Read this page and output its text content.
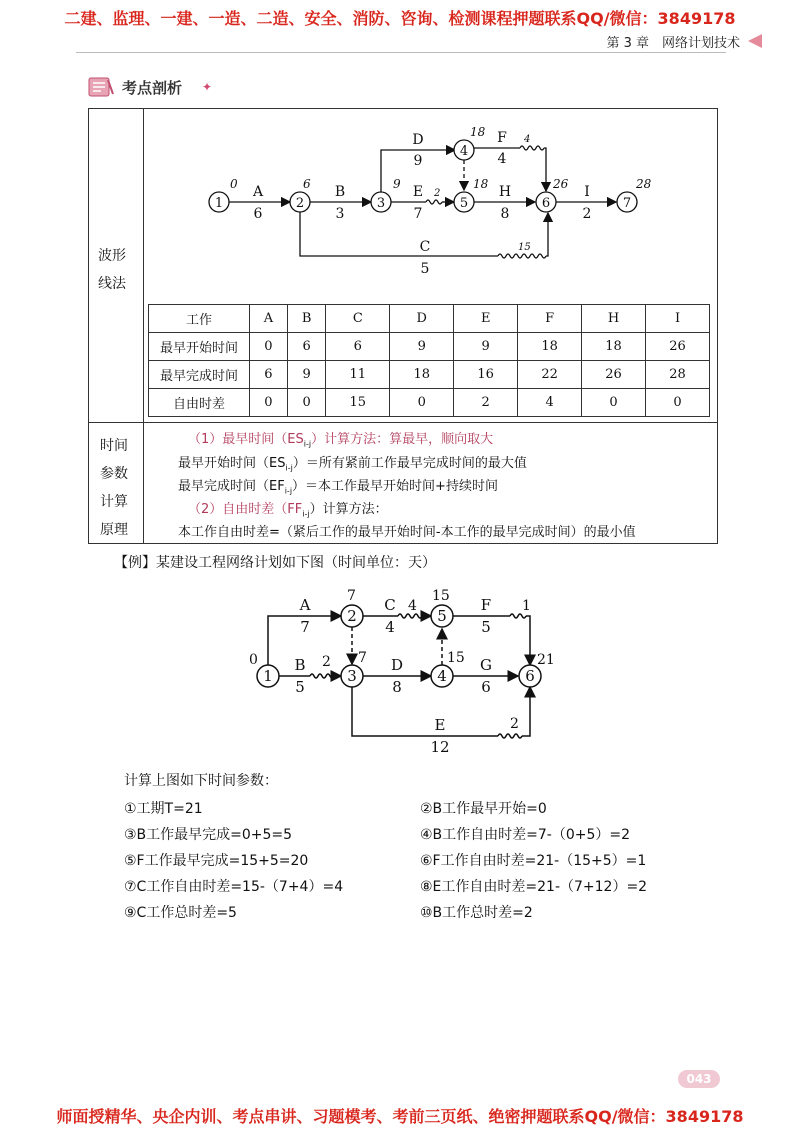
二建、监理、一建、一造、二造、安全、消防、咨询、检测课程押题联系QQ/微信：3849178
第 3 章　网络计划技术
考点剖析 ✦
波形线法
时间参数计算原理
1	2	3
4
5	6	7
A
6
B
3
C
5
D
9
E
7
F
4
H
8
I
2
0	6	9
18
18	26	28
2
4
15
工作	A	B	C	D	E	F	H	I
最早开始时间	0	6	6	9	9	18	18	26
最早完成时间	6	9	11	18	16	22	26	28
自由时差	0	0	15	0	2	4	0	0
（1）最早时间$(ES_{i-j})$计算方法：算最早，顺向取大
最早开始时间$(ES_{i-j})=$所有紧前工作最早完成时间的最大值
最早完成时间$(EF_{i-j})=$本工作最早开始时间+持续时间
（2）自由时差$(FF_{i-j})$计算方法：
本工作自由时差=（紧后工作的最早开始时间-本工作的最早完成时间）的最小值
【例】某建设工程网络计划如下图（时间单位：天）
1
2
3	4
5
6
A
7
B
5
C
4
D
8
E
12
F
5
G
6
0
7
7	15
15
21
2
4
2
1
计算上图如下时间参数：
①工期T=21	②B工作最早开始=0
③B工作最早完成=0+5=5	④B工作自由时差=7-（0+5）=2
⑤F工作最早完成=15+5=20	⑥F工作自由时差=21-（15+5）=1
⑦C工作自由时差=15-（7+4）=4	⑧E工作自由时差=21-（7+12）=2
⑨C工作总时差=5	⑩B工作总时差=2
043
师面授精华、央企内训、考点串讲、习题模考、考前三页纸、绝密押题联系QQ/微信：3849178
